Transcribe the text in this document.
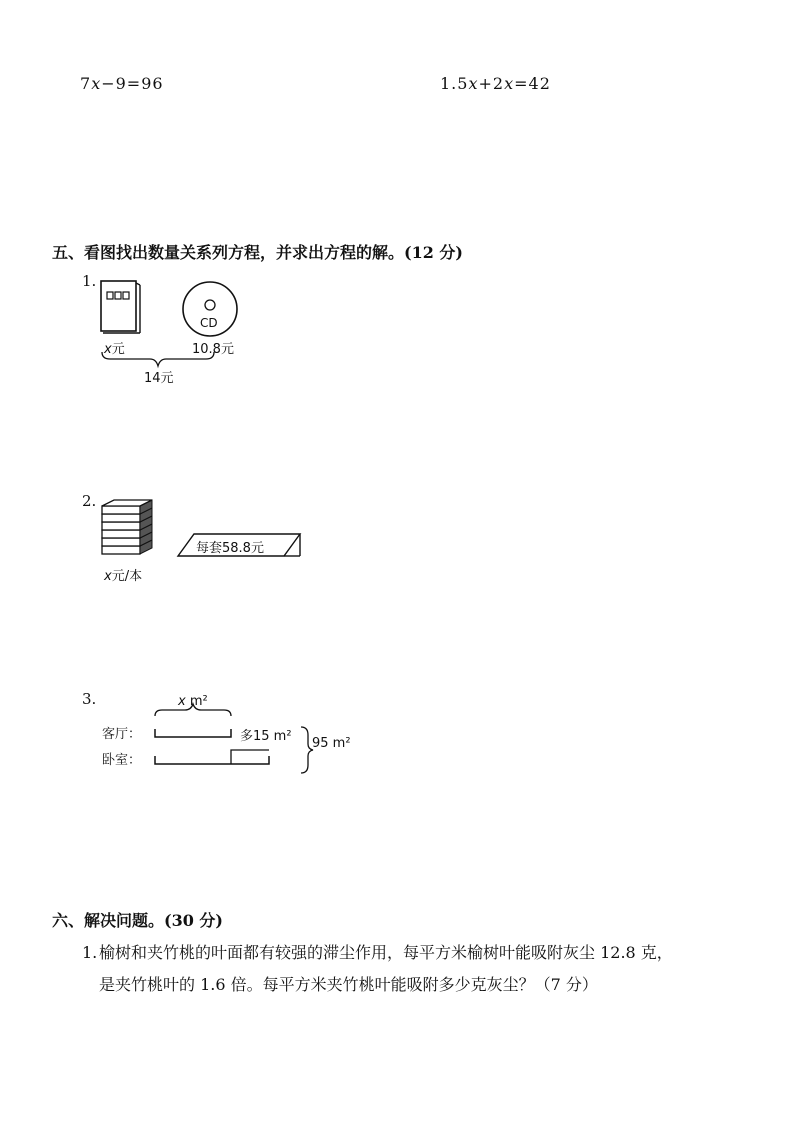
7x−9=96	1.5x+2x=42
五、看图找出数量关系列方程，并求出方程的解。(12 分)
1.
CD
x元	10.8元
14元
2.
每套58.8元
x元/本
3.	x m²
客厅：
卧室：
多15 m² 95 m²
六、解决问题。(30 分)
1. 榆树和夹竹桃的叶面都有较强的滞尘作用，每平方米榆树叶能吸附灰尘 12.8 克，
是夹竹桃叶的 1.6 倍。每平方米夹竹桃叶能吸附多少克灰尘？（7 分）
